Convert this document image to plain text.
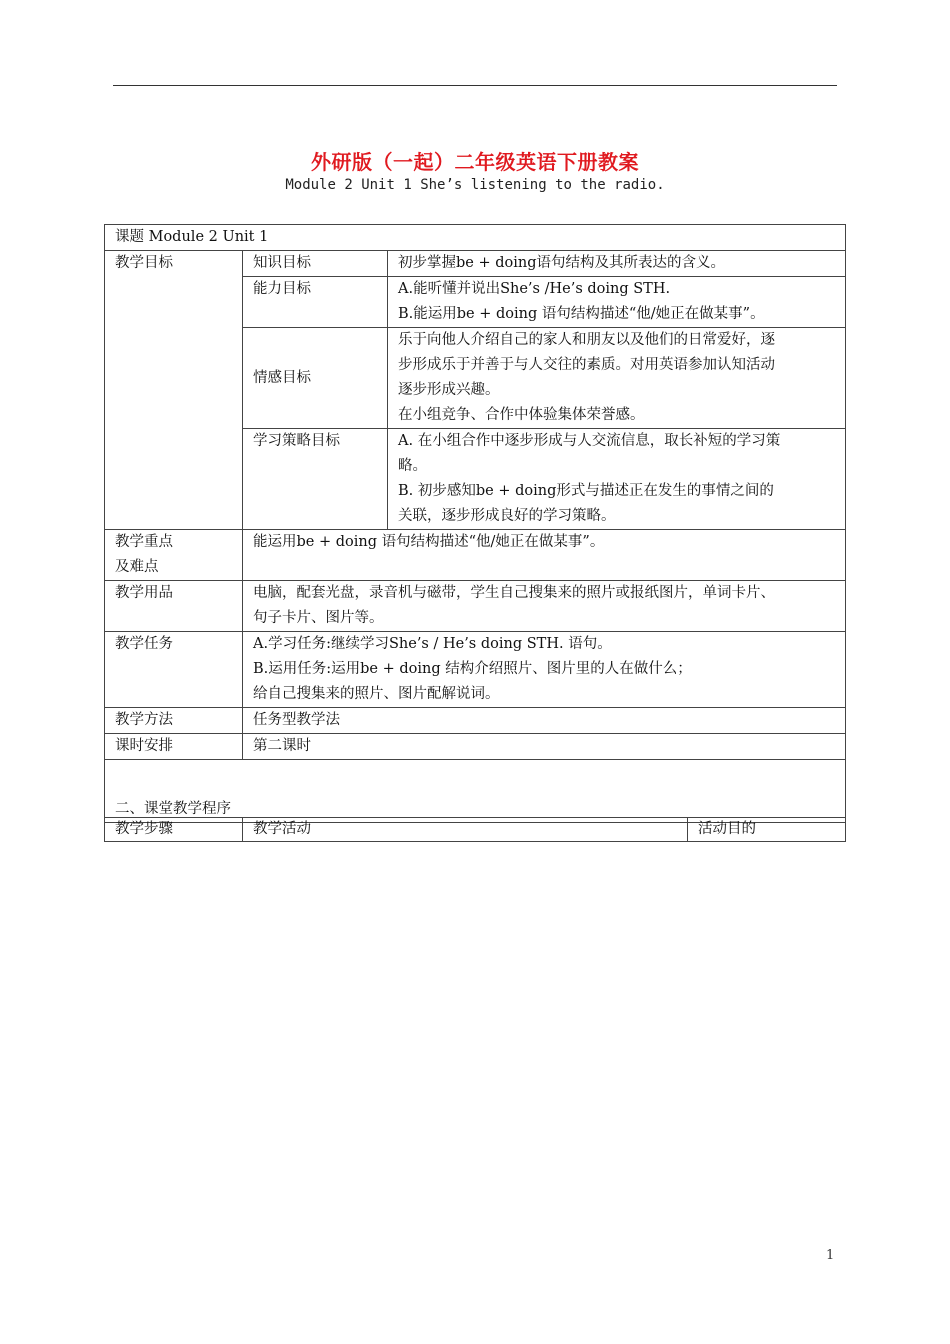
外研版（一起）二年级英语下册教案
Module 2 Unit 1 She’s listening to the radio.
课题 Module 2 Unit 1		
教学目标	知识目标	初步掌握be + doing语句结构及其所表达的含义。
	能力目标	A.能听懂并说出She’s /He’s doing STH.
B.能运用be + doing 语句结构描述“他/她正在做某事”。

	情感目标	乐于向他人介绍自己的家人和朋友以及他们的日常爱好，逐
步形成乐于并善于与人交往的素质。对用英语参加认知活动
逐步形成兴趣。
在小组竞争、合作中体验集体荣誉感。

	学习策略目标	A. 在小组合作中逐步形成与人交流信息，取长补短的学习策
略。
B. 初步感知be + doing形式与描述正在发生的事情之间的
关联，逐步形成良好的学习策略。

教学重点
及难点	能运用be + doing 语句结构描述“他/她正在做某事”。	
教学用品	电脑，配套光盘，录音机与磁带，学生自己搜集来的照片或报纸图片，单词卡片、
句子卡片、图片等。	

教学任务	A.学习任务:继续学习She’s / He’s doing STH. 语句。
B.运用任务:运用be + doing 结构介绍照片、图片里的人在做什么；
给自己搜集来的照片、图片配解说词。	

教学方法	任务型教学法	
课时安排	第二课时	
二、课堂教学程序		
教学步骤	教学活动	活动目的
1
